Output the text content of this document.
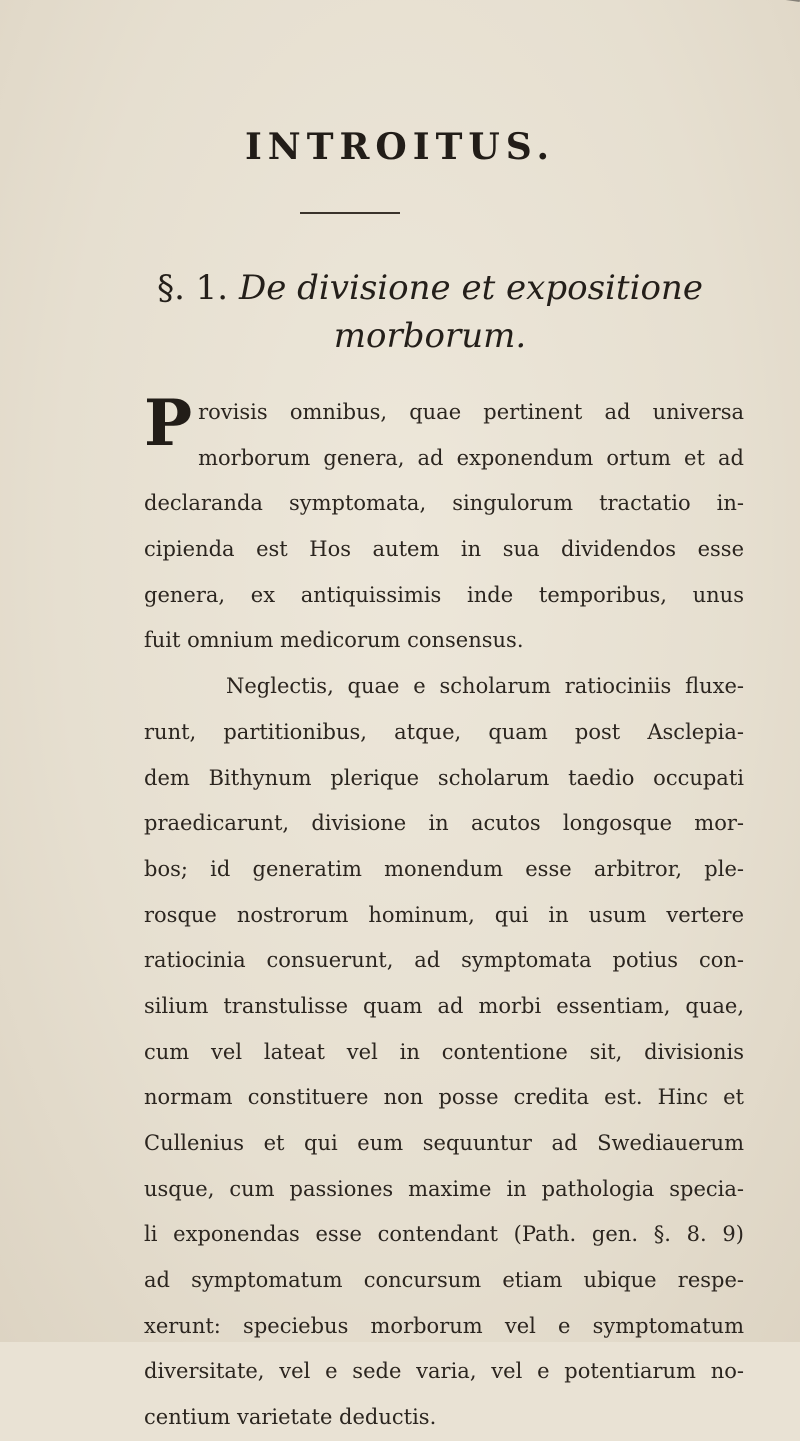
INTROITUS.
§. 1. De divisione et expositione
morborum.
P rovisis omnibus, quae pertinent ad universa
morborum genera, ad exponendum ortum et ad
declaranda symptomata, singulorum tractatio in-
cipienda est Hos autem in sua dividendos esse
genera, ex antiquissimis inde temporibus, unus
fuit omnium medicorum consensus.
Neglectis, quae e scholarum ratiociniis fluxe-
runt, partitionibus, atque, quam post Asclepia-
dem Bithynum plerique scholarum taedio occupati
praedicarunt, divisione in acutos longosque mor-
bos; id generatim monendum esse arbitror, ple-
rosque nostrorum hominum, qui in usum vertere
ratiocinia consuerunt, ad symptomata potius con-
silium transtulisse quam ad morbi essentiam, quae,
cum vel lateat vel in contentione sit, divisionis
normam constituere non posse credita est. Hinc et
Cullenius et qui eum sequuntur ad Swediauerum
usque, cum passiones maxime in pathologia specia-
li exponendas esse contendant (Path. gen. §. 8. 9)
ad symptomatum concursum etiam ubique respe-
xerunt: speciebus morborum vel e symptomatum
diversitate, vel e sede varia, vel e potentiarum no-
centium varietate deductis.
